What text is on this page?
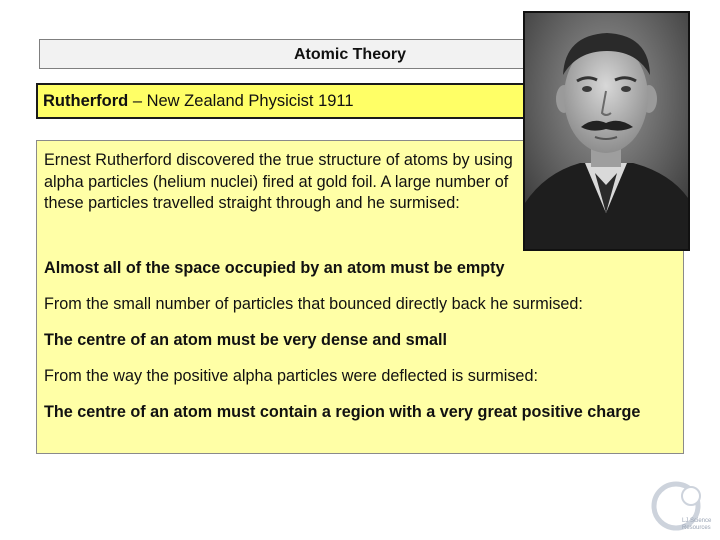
Atomic Theory
Rutherford – New Zealand Physicist 1911

Ernest Rutherford discovered the true structure of atoms by using alpha particles (helium nuclei) fired at gold foil. A large number of these particles travelled straight through and he surmised:

Almost all of the space occupied by an atom must be empty

From the small number of particles that bounced directly back he surmised:

The centre of an atom must be very dense and small

From the way the positive alpha particles were deflected is surmised:

The centre of an atom must contain a region with a very great positive charge

LJ Science Resources
